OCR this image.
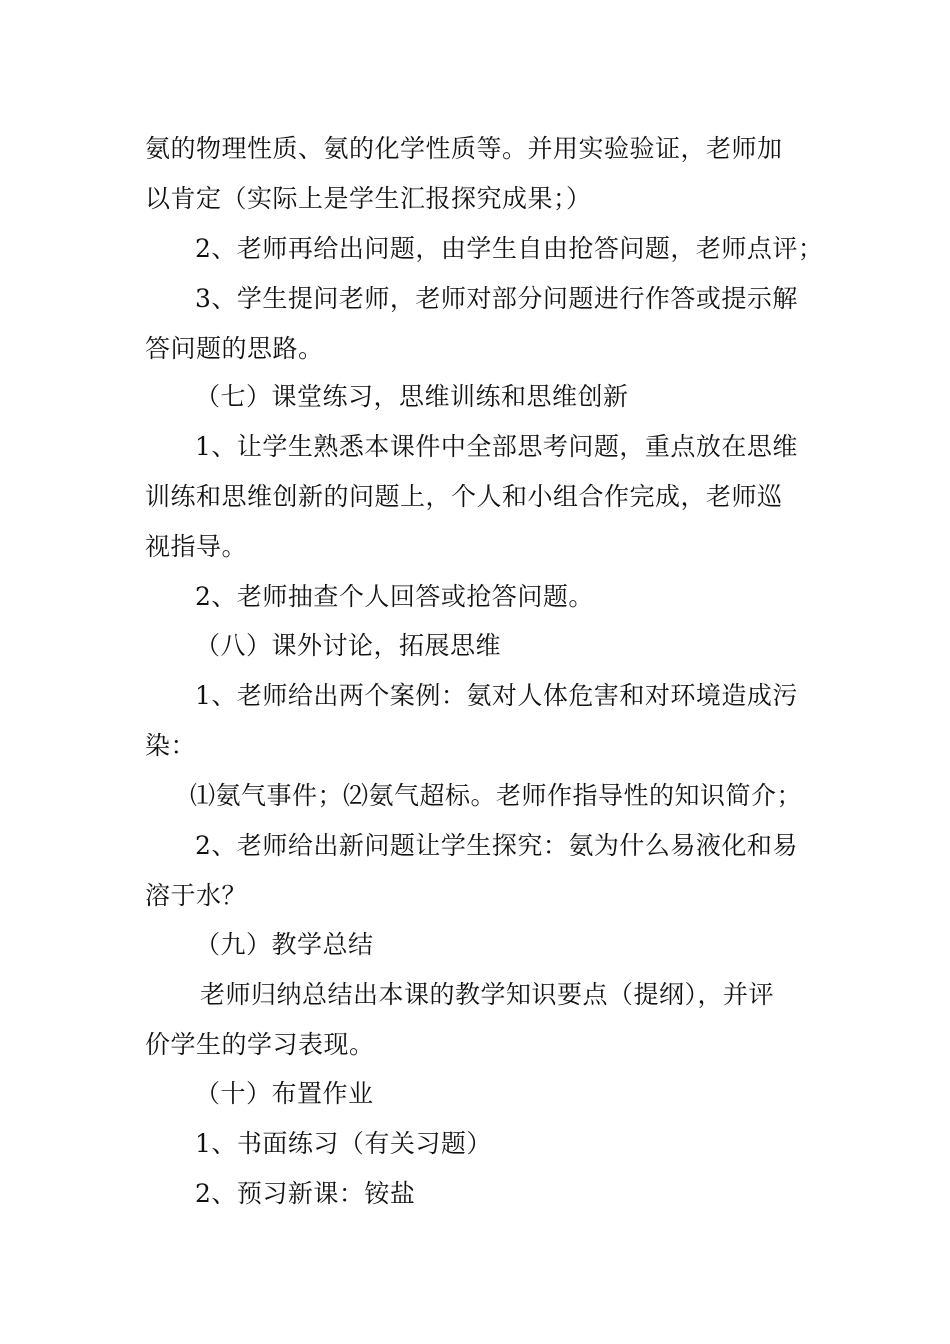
氨的物理性质、氨的化学性质等。并用实验验证，老师加
以肯定（实际上是学生汇报探究成果；）
2、老师再给出问题，由学生自由抢答问题，老师点评；
3、学生提问老师，老师对部分问题进行作答或提示解
答问题的思路。
（七）课堂练习，思维训练和思维创新
1、让学生熟悉本课件中全部思考问题，重点放在思维
训练和思维创新的问题上，个人和小组合作完成，老师巡
视指导。
2、老师抽查个人回答或抢答问题。
（八）课外讨论，拓展思维
1、老师给出两个案例：氨对人体危害和对环境造成污
染：
⑴氨气事件；⑵氨气超标。老师作指导性的知识简介；
2、老师给出新问题让学生探究：氨为什么易液化和易
溶于水？
（九）教学总结
老师归纳总结出本课的教学知识要点（提纲），并评
价学生的学习表现。
（十）布置作业
1、书面练习（有关习题）
2、预习新课：铵盐
